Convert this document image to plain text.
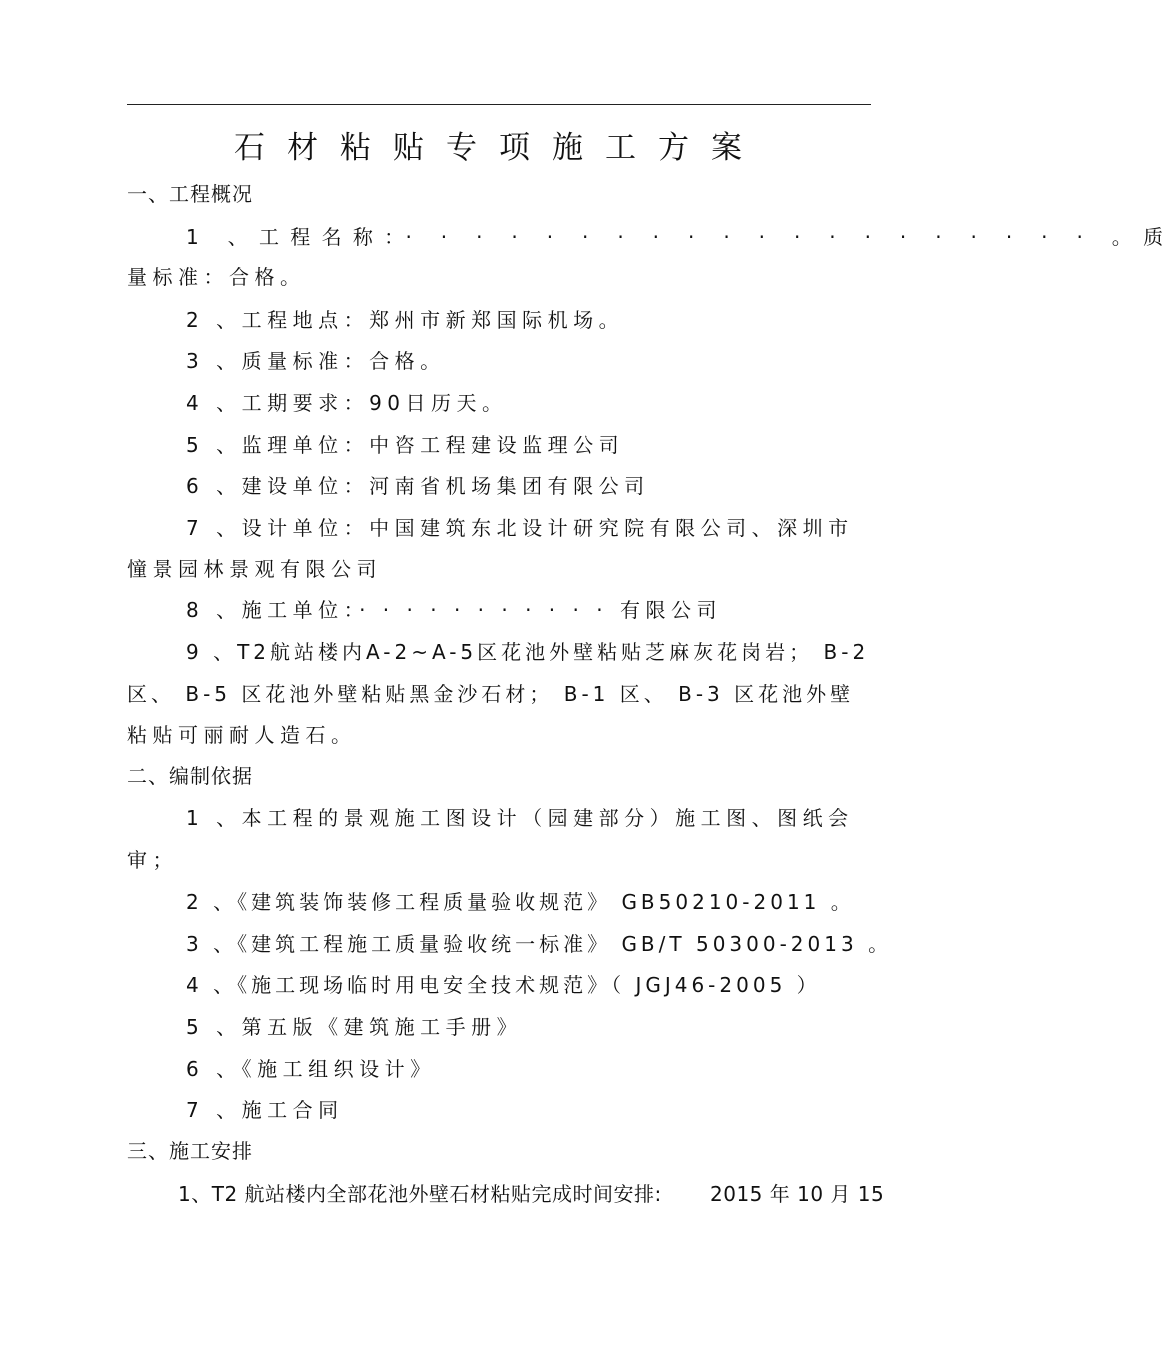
石材粘贴专项施工方案
一、工程概况
1 、工程名称：· · · · · · · · · · · · · · · · · · · · 。质
量标准：合格。
2 、工程地点：郑州市新郑国际机场。
3 、质量标准：合格。
4 、工期要求：90日历天。
5 、监理单位：中咨工程建设监理公司
6 、建设单位：河南省机场集团有限公司
7 、设计单位：中国建筑东北设计研究院有限公司、深圳市
憧景园林景观有限公司
8 、施工单位：· · · · · · · · · · · 有限公司
9 、T2航站楼内A-2~A-5区花池外壁粘贴芝麻灰花岗岩； B-2
区、 B-5 区花池外壁粘贴黑金沙石材； B-1 区、 B-3 区花池外壁
粘贴可丽耐人造石。
二、编制依据
1 、本工程的景观施工图设计（园建部分）施工图、图纸会
审；
2 、《建筑装饰装修工程质量验收规范》 GB50210-2011 。
3 、《建筑工程施工质量验收统一标准》 GB/T 50300-2013 。
4 、《施工现场临时用电安全技术规范》（ JGJ46-2005 ）
5 、第五版《建筑施工手册》
6 、《施工组织设计》
7 、施工合同
三、施工安排
1、T2 航站楼内全部花池外壁石材粘贴完成时间安排: 2015 年 10 月 15
